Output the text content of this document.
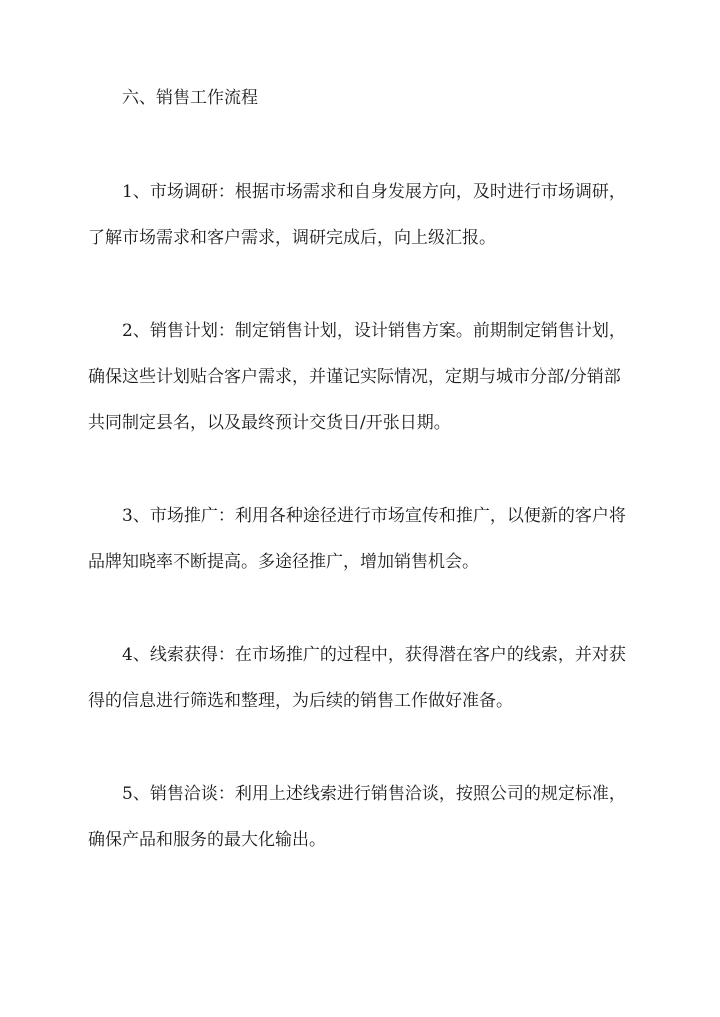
六、销售工作流程
1、市场调研：根据市场需求和自身发展方向，及时进行市场调研，
了解市场需求和客户需求，调研完成后，向上级汇报。
2、销售计划：制定销售计划，设计销售方案。前期制定销售计划，
确保这些计划贴合客户需求，并谨记实际情况，定期与城市分部/分销部
共同制定县名，以及最终预计交货日/开张日期。
3、市场推广：利用各种途径进行市场宣传和推广，以便新的客户将
品牌知晓率不断提高。多途径推广，增加销售机会。
4、线索获得：在市场推广的过程中，获得潜在客户的线索，并对获
得的信息进行筛选和整理，为后续的销售工作做好准备。
5、销售洽谈：利用上述线索进行销售洽谈，按照公司的规定标准，
确保产品和服务的最大化输出。
